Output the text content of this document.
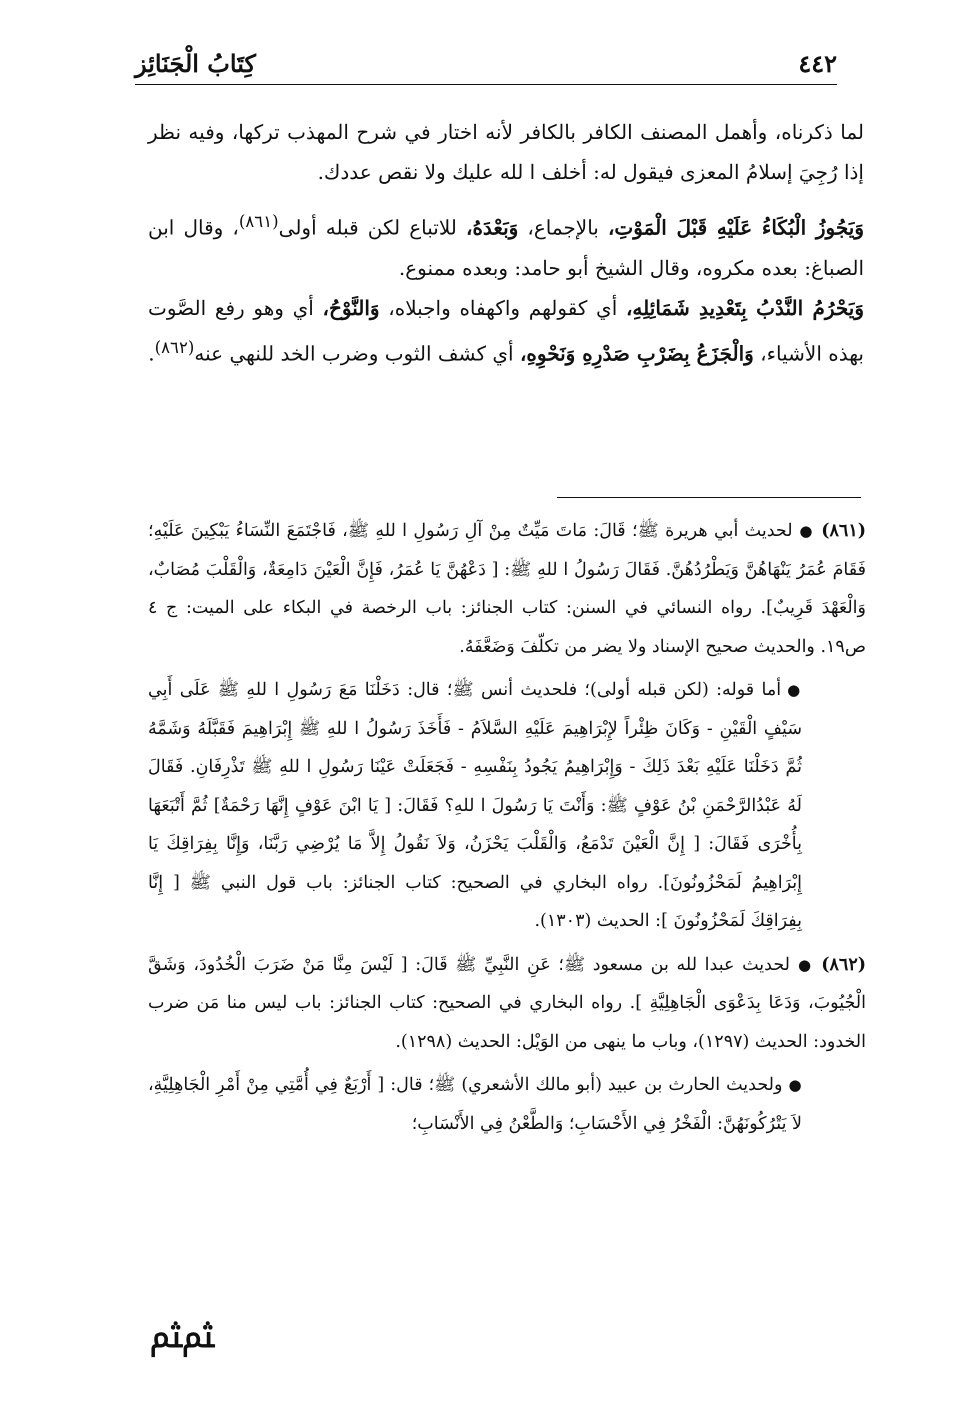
٤٤٢
كِتَابُ الْجَنَائِز

لما ذكرناه، وأهمل المصنف الكافر بالكافر لأنه اختار في شرح المهذب تركها، وفيه نظر إذا رُجِيَ إسلامُ المعزى فيقول له: أخلف ا لله عليك ولا نقص عددك.

وَيَجُوزُ الْبُكَاءُ عَلَيْهِ قَبْلَ الْمَوْتِ، بالإجماع، وَبَعْدَهُ، للاتباع لكن قبله أولى$^{(٨٦١)}$، وقال ابن الصباغ: بعده مكروه، وقال الشيخ أبو حامد: وبعده ممنوع.

وَيَحْرُمُ النَّدْبُ بِتَعْدِيدِ شَمَائِلِهِ، أي كقولهم واكهفاه واجبلاه، وَالنَّوْحُ، أي وهو رفع الصَّوت بهذه الأشياء، وَالْجَزَعُ بِضَرْبِ صَدْرِهِ وَنَحْوِهِ، أي كشف الثوب وضرب الخد للنهي عنه$^{(٨٦٢)}$.

(٨٦١)●لحديث أبي هريرة ﷺ؛ قَالَ: مَاتَ مَيِّتٌ مِنْ آلِ رَسُولِ ا للهِ ﷺ، فَاجْتَمَعَ النِّسَاءُ يَبْكِينَ عَلَيْهِ؛ فَقَامَ عُمَرُ يَنْهَاهُنَّ وَيَطْرُدُهُنَّ. فَقَالَ رَسُولُ ا للهِ ﷺ: [ دَعْهُنَّ يَا عُمَرُ، فَإِنَّ الْعَيْنَ دَامِعَةٌ، وَالْقَلْبَ مُصَابٌ، وَالْعَهْدَ قَرِيبٌ]. رواه النسائي في السنن: كتاب الجنائز: باب الرخصة في البكاء على الميت: ج ٤ ص١٩. والحديث صحيح الإسناد ولا يضر من تكلّفَ وَضَعَّفَهُ.

●أما قوله: (لكن قبله أولى)؛ فلحديث أنس ﷺ؛ قال: دَخَلْنَا مَعَ رَسُولِ ا للهِ ﷺ عَلَى أَبِي سَيْفٍ الْقَيْنِ - وَكَانَ ظِئْراً لإِبْرَاهِيمَ عَلَيْهِ السَّلاَمُ - فَأَخَذَ رَسُولُ ا للهِ ﷺ إِبْرَاهِيمَ فَقَبَّلَهُ وَشَمَّهُ ثُمَّ دَخَلْنَا عَلَيْهِ بَعْدَ ذَلِكَ - وَإِبْرَاهِيمُ يَجُودُ بِنَفْسِهِ - فَجَعَلَتْ عَيْنَا رَسُولِ ا للهِ ﷺ تَذْرِفَانِ. فَقَالَ لَهُ عَبْدُالرَّحْمَنِ بْنُ عَوْفٍ ﷺ: وَأَنْتَ يَا رَسُولَ ا للهِ؟ فَقَالَ: [ يَا ابْنَ عَوْفٍ إِنَّهَا رَحْمَةٌ] ثُمَّ أَتْبَعَهَا بِأُخْرَى فَقَالَ: [ إِنَّ الْعَيْنَ تَدْمَعُ، وَالْقَلْبَ يَحْزَنُ، وَلاَ نَقُولُ إِلاَّ مَا يُرْضِي رَبَّنَا، وَإِنَّا بِفِرَاقِكَ يَا إِبْرَاهِيمُ لَمَحْزُونُونَ]. رواه البخاري في الصحيح: كتاب الجنائز: باب قول النبي ﷺ [ إِنَّا بِفِرَاقِكَ لَمَحْزُونُونَ ]: الحديث (١٣٠٣).

(٨٦٢)●لحديث عبدا لله بن مسعود ﷺ؛ عَنِ النَّبِيِّ ﷺ قَالَ: [ لَيْسَ مِنَّا مَنْ ضَرَبَ الْخُدُودَ، وَشَقَّ الْجُيُوبَ، وَدَعَا بِدَعْوَى الْجَاهِلِيَّةِ ]. رواه البخاري في الصحيح: كتاب الجنائز: باب ليس منا مَن ضرب الخدود: الحديث (١٢٩٧)، وباب ما ينهى من الوَيْل: الحديث (١٢٩٨).

●ولحديث الحارث بن عبيد (أبو مالك الأشعري) ﷺ؛ قال: [ أَرْبَعٌ فِي أُمَّتِي مِنْ أَمْرِ الْجَاهِلِيَّةِ، لاَ يَتْرُكُونَهُنَّ: الْفَخْرُ فِي الأَحْسَابِ؛ وَالطَّعْنُ فِي الأَنْسَابِ؛

ﱸﱸ
